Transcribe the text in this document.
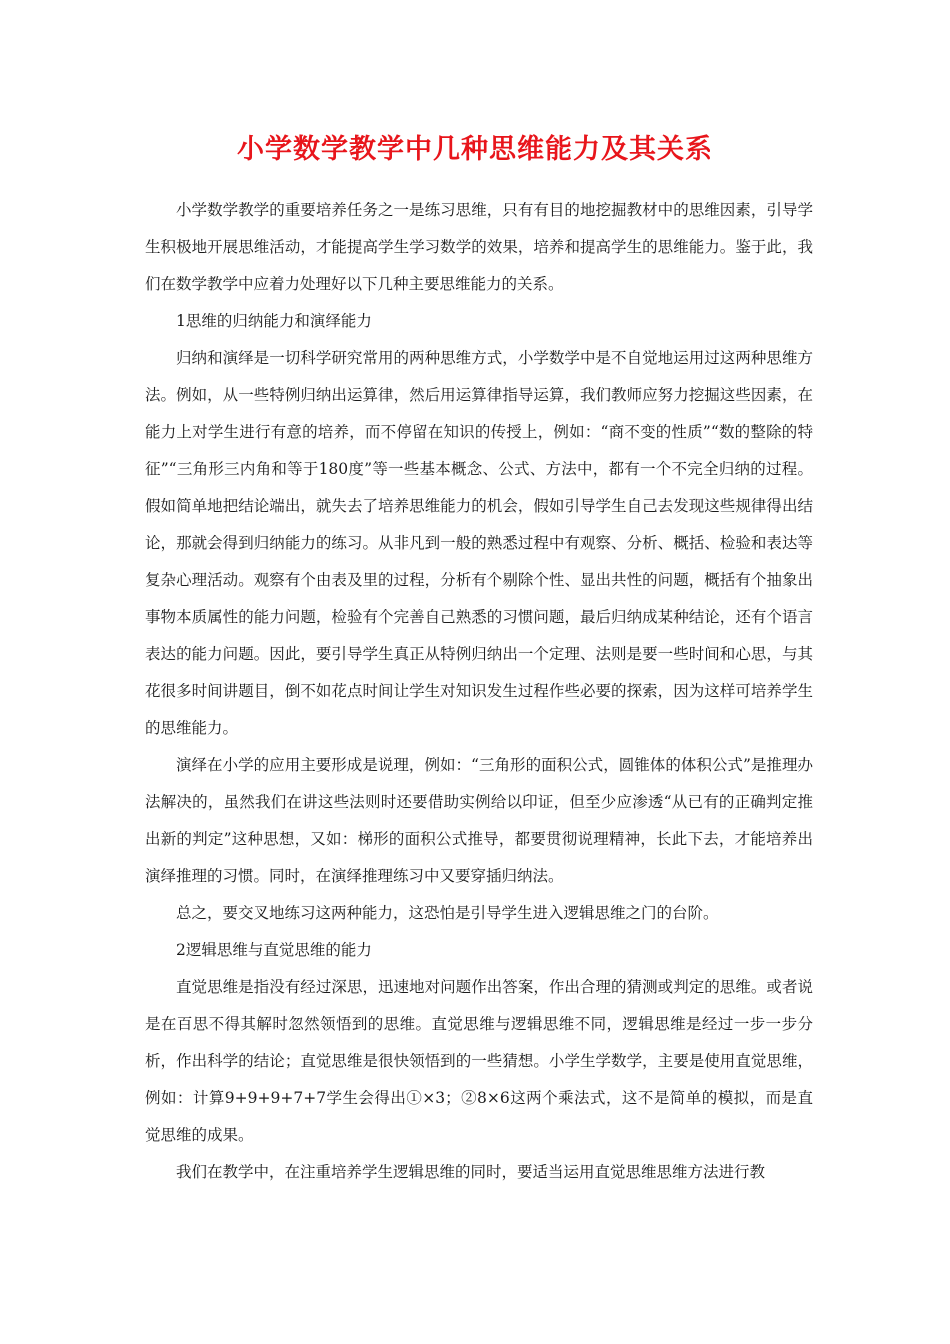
小学数学教学中几种思维能力及其关系

小学数学教学的重要培养任务之一是练习思维，只有有目的地挖掘教材中的思维因素，引导学生积极地开展思维活动，才能提高学生学习数学的效果，培养和提高学生的思维能力。鉴于此，我们在数学教学中应着力处理好以下几种主要思维能力的关系。

1思维的归纳能力和演绎能力

归纳和演绎是一切科学研究常用的两种思维方式，小学数学中是不自觉地运用过这两种思维方法。例如，从一些特例归纳出运算律，然后用运算律指导运算，我们教师应努力挖掘这些因素，在能力上对学生进行有意的培养，而不停留在知识的传授上，例如：“商不变的性质”“数的整除的特征”“三角形三内角和等于180度”等一些基本概念、公式、方法中，都有一个不完全归纳的过程。假如简单地把结论端出，就失去了培养思维能力的机会，假如引导学生自己去发现这些规律得出结论，那就会得到归纳能力的练习。从非凡到一般的熟悉过程中有观察、分析、概括、检验和表达等复杂心理活动。观察有个由表及里的过程，分析有个剔除个性、显出共性的问题，概括有个抽象出事物本质属性的能力问题，检验有个完善自己熟悉的习惯问题，最后归纳成某种结论，还有个语言表达的能力问题。因此，要引导学生真正从特例归纳出一个定理、法则是要一些时间和心思，与其花很多时间讲题目，倒不如花点时间让学生对知识发生过程作些必要的探索，因为这样可培养学生的思维能力。

演绎在小学的应用主要形成是说理，例如：“三角形的面积公式，圆锥体的体积公式”是推理办法解决的，虽然我们在讲这些法则时还要借助实例给以印证，但至少应渗透“从已有的正确判定推出新的判定”这种思想，又如：梯形的面积公式推导，都要贯彻说理精神，长此下去，才能培养出演绎推理的习惯。同时，在演绎推理练习中又要穿插归纳法。

总之，要交叉地练习这两种能力，这恐怕是引导学生进入逻辑思维之门的台阶。

2逻辑思维与直觉思维的能力

直觉思维是指没有经过深思，迅速地对问题作出答案，作出合理的猜测或判定的思维。或者说是在百思不得其解时忽然领悟到的思维。直觉思维与逻辑思维不同，逻辑思维是经过一步一步分析，作出科学的结论；直觉思维是很快领悟到的一些猜想。小学生学数学，主要是使用直觉思维，例如：计算9+9+9+7+7学生会得出①×3；②8×6这两个乘法式，这不是简单的模拟，而是直觉思维的成果。

我们在教学中，在注重培养学生逻辑思维的同时，要适当运用直觉思维思维方法进行教
